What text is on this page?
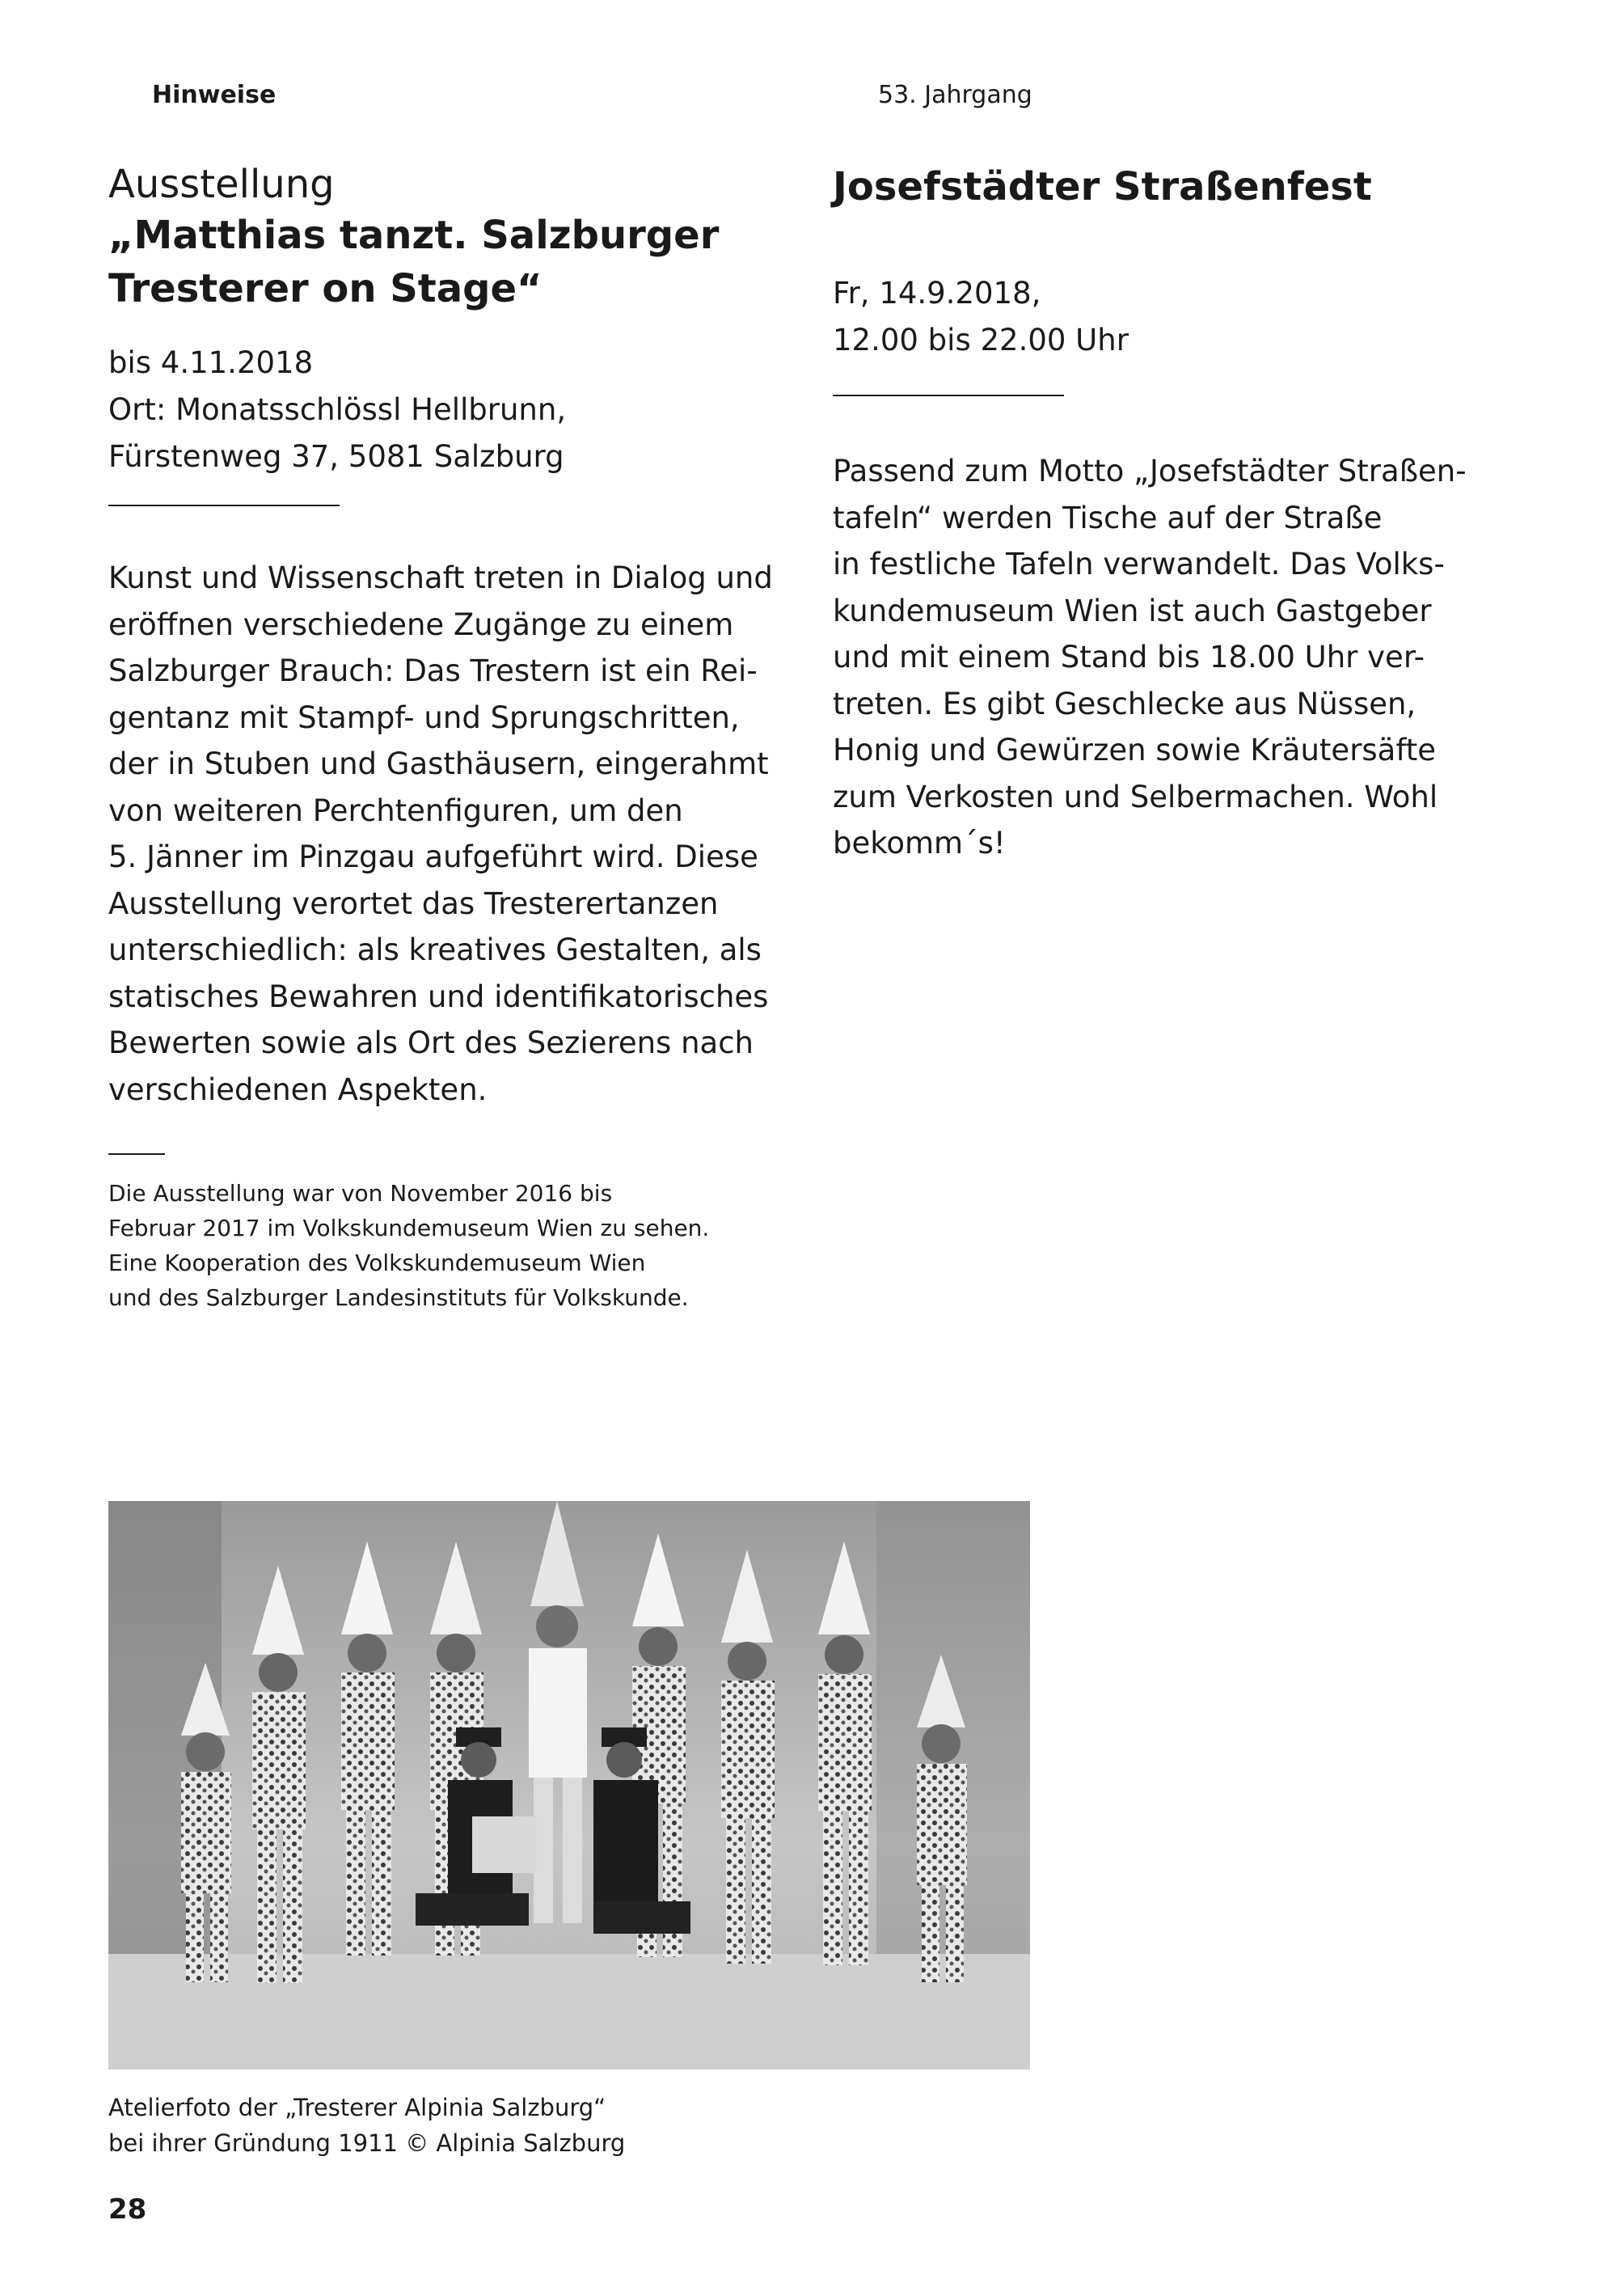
Hinweise	53. Jahrgang
Ausstellung
„Matthias tanzt. Salzburger
Tresterer on Stage“
bis 4.11.2018
Ort: Monatsschlössl Hellbrunn,
Fürstenweg 37, 5081 Salzburg
Kunst und Wissenschaft treten in Dialog und
eröffnen verschiedene Zugänge zu einem
Salzburger Brauch: Das Trestern ist ein Rei-
gentanz mit Stampf- und Sprungschritten,
der in Stuben und Gasthäusern, eingerahmt
von weiteren Perchtenfiguren, um den
5. Jänner im Pinzgau aufgeführt wird. Diese
Ausstellung verortet das Tresterertanzen
unterschiedlich: als kreatives Gestalten, als
statisches Bewahren und identifikatorisches
Bewerten sowie als Ort des Sezierens nach
verschiedenen Aspekten.
Die Ausstellung war von November 2016 bis
Februar 2017 im Volkskundemuseum Wien zu sehen.
Eine Kooperation des Volkskundemuseum Wien
und des Salzburger Landesinstituts für Volkskunde.
Josefstädter Straßenfest
Fr, 14.9.2018,
12.00 bis 22.00 Uhr
Passend zum Motto „Josefstädter Straßen-
tafeln“ werden Tische auf der Straße
in festliche Tafeln verwandelt. Das Volks-
kundemuseum Wien ist auch Gastgeber
und mit einem Stand bis 18.00 Uhr ver-
treten. Es gibt Geschlecke aus Nüssen,
Honig und Gewürzen sowie Kräutersäfte
zum Verkosten und Selbermachen. Wohl
bekomm´s!
Atelierfoto der „Tresterer Alpinia Salzburg“
bei ihrer Gründung 1911 © Alpinia Salzburg
28
